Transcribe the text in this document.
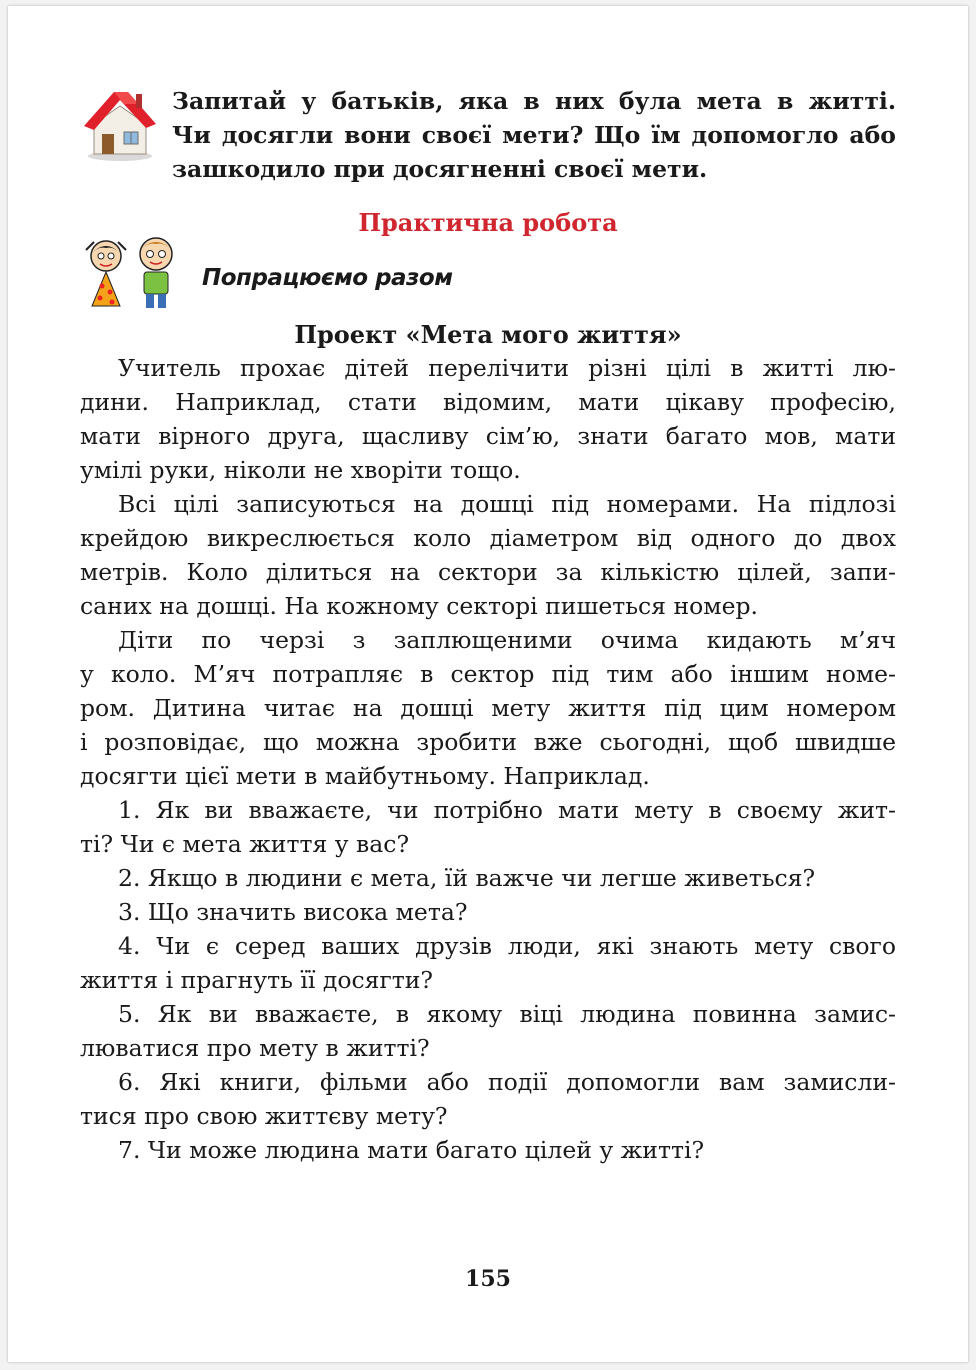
Запитай у батьків, яка в них була мета в житті.

Чи досягли вони своєї мети? Що їм допомогло або

зашкодило при досягненні своєї мети.

Практична робота
Попрацюємо разом
Проект «Мета мого життя»

Учитель прохає дітей перелічити різні цілі в житті лю-

дини. Наприклад, стати відомим, мати цікаву професію,

мати вірного друга, щасливу сім’ю, знати багато мов, мати

умілі руки, ніколи не хворіти тощо.

Всі цілі записуються на дошці під номерами. На підлозі

крейдою викреслюється коло діаметром від одного до двох

метрів. Коло ділиться на сектори за кількістю цілей, запи-

саних на дошці. На кожному секторі пишеться номер.

Діти по черзі з заплющеними очима кидають м’яч

у коло. М’яч потрапляє в сектор під тим або іншим номе-

ром. Дитина читає на дошці мету життя під цим номером

і розповідає, що можна зробити вже сьогодні, щоб швидше

досягти цієї мети в майбутньому. Наприклад.

1. Як ви вважаєте, чи потрібно мати мету в своєму жит-

ті? Чи є мета життя у вас?

2. Якщо в людини є мета, їй важче чи легше живеться?

3. Що значить висока мета?

4. Чи є серед ваших друзів люди, які знають мету свого

життя і прагнуть її досягти?

5. Як ви вважаєте, в якому віці людина повинна замис-

люватися про мету в житті?

6. Які книги, фільми або події допомогли вам замисли-

тися про свою життєву мету?

7. Чи може людина мати багато цілей у житті?

155
